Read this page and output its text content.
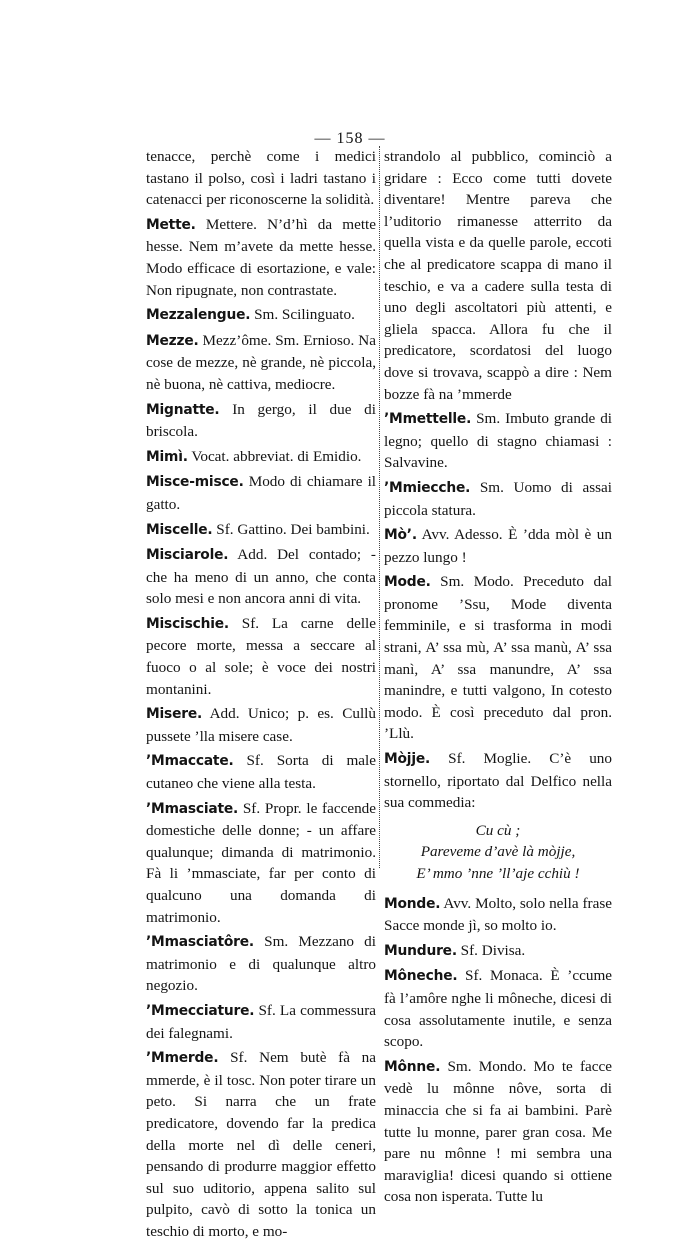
— 158 —

tenacce, perchè come i medici tastano il polso, così i ladri tastano i catenacci per riconoscerne la solidità.

Mette. Mettere. N’d’hì da mette hesse. Nem m’avete da mette hesse. Modo efficace di esortazione, e vale: Non ripugnate, non contrastate.

Mezzalengue. Sm. Scilinguato.

Mezze. Mezz’ôme. Sm. Ernioso. Na cose de mezze, nè grande, nè piccola, nè buona, nè cattiva, mediocre.

Mignatte. In gergo, il due di briscola.

Mimì. Vocat. abbreviat. di Emidio.

Misce-misce. Modo di chiamare il gatto.

Miscelle. Sf. Gattino. Dei bambini.

Misciarole. Add. Del contado; - che ha meno di un anno, che conta solo mesi e non ancora anni di vita.

Miscischie. Sf. La carne delle pecore morte, messa a seccare al fuoco o al sole; è voce dei nostri montanini.

Misere. Add. Unico; p. es. Cullù pussete ’lla misere case.

’Mmaccate. Sf. Sorta di male cutaneo che viene alla testa.

’Mmasciate. Sf. Propr. le faccende domestiche delle donne; - un affare qualunque; dimanda di matrimonio. Fà li ’mmasciate, far per conto di qualcuno una domanda di matrimonio.

’Mmasciatôre. Sm. Mezzano di matrimonio e di qualunque altro negozio.

’Mmecciature. Sf. La commessura dei falegnami.

’Mmerde. Sf. Nem butè fà na mmerde, è il tosc. Non poter tirare un peto. Si narra che un frate predicatore, dovendo far la predica della morte nel dì delle ceneri, pensando di produrre maggior effetto sul suo uditorio, appena salito sul pulpito, cavò di sotto la tonica un teschio di morto, e mo-

strandolo al pubblico, cominciò a gridare : Ecco come tutti dovete diventare! Mentre pareva che l’uditorio rimanesse atterrito da quella vista e da quelle parole, eccoti che al predicatore scappa di mano il teschio, e va a cadere sulla testa di uno degli ascoltatori più attenti, e gliela spacca. Allora fu che il predicatore, scordatosi del luogo dove si trovava, scappò a dire : Nem bozze fà na ’mmerde

’Mmettelle. Sm. Imbuto grande di legno; quello di stagno chiamasi : Salvavine.

’Mmiecche. Sm. Uomo di assai piccola statura.

Mò’. Avv. Adesso. È ’dda mòl è un pezzo lungo !

Mode. Sm. Modo. Preceduto dal pronome ’Ssu, Mode diventa femminile, e si trasforma in modi strani, A’ ssa mù, A’ ssa manù, A’ ssa manì, A’ ssa manundre, A’ ssa manindre, e tutti valgono, In cotesto modo. È così preceduto dal pron. ’Llù.

Mòjje. Sf. Moglie. C’è uno stornello, riportato dal Delfico nella sua commedia:

Cu cù ;

Pareveme d’avè là mòjje,

E’ mmo ’nne ’ll’aje cchiù !

Monde. Avv. Molto, solo nella frase Sacce monde jì, so molto io.

Mundure. Sf. Divisa.

Môneche. Sf. Monaca. È ’ccume fà l’amôre nghe li môneche, dicesi di cosa assolutamente inutile, e senza scopo.

Mônne. Sm. Mondo. Mo te facce vedè lu mônne nôve, sorta di minaccia che si fa ai bambini. Parè tutte lu monne, parer gran cosa. Me pare nu mônne ! mi sembra una maraviglia! dicesi quando si ottiene cosa non isperata. Tutte lu
